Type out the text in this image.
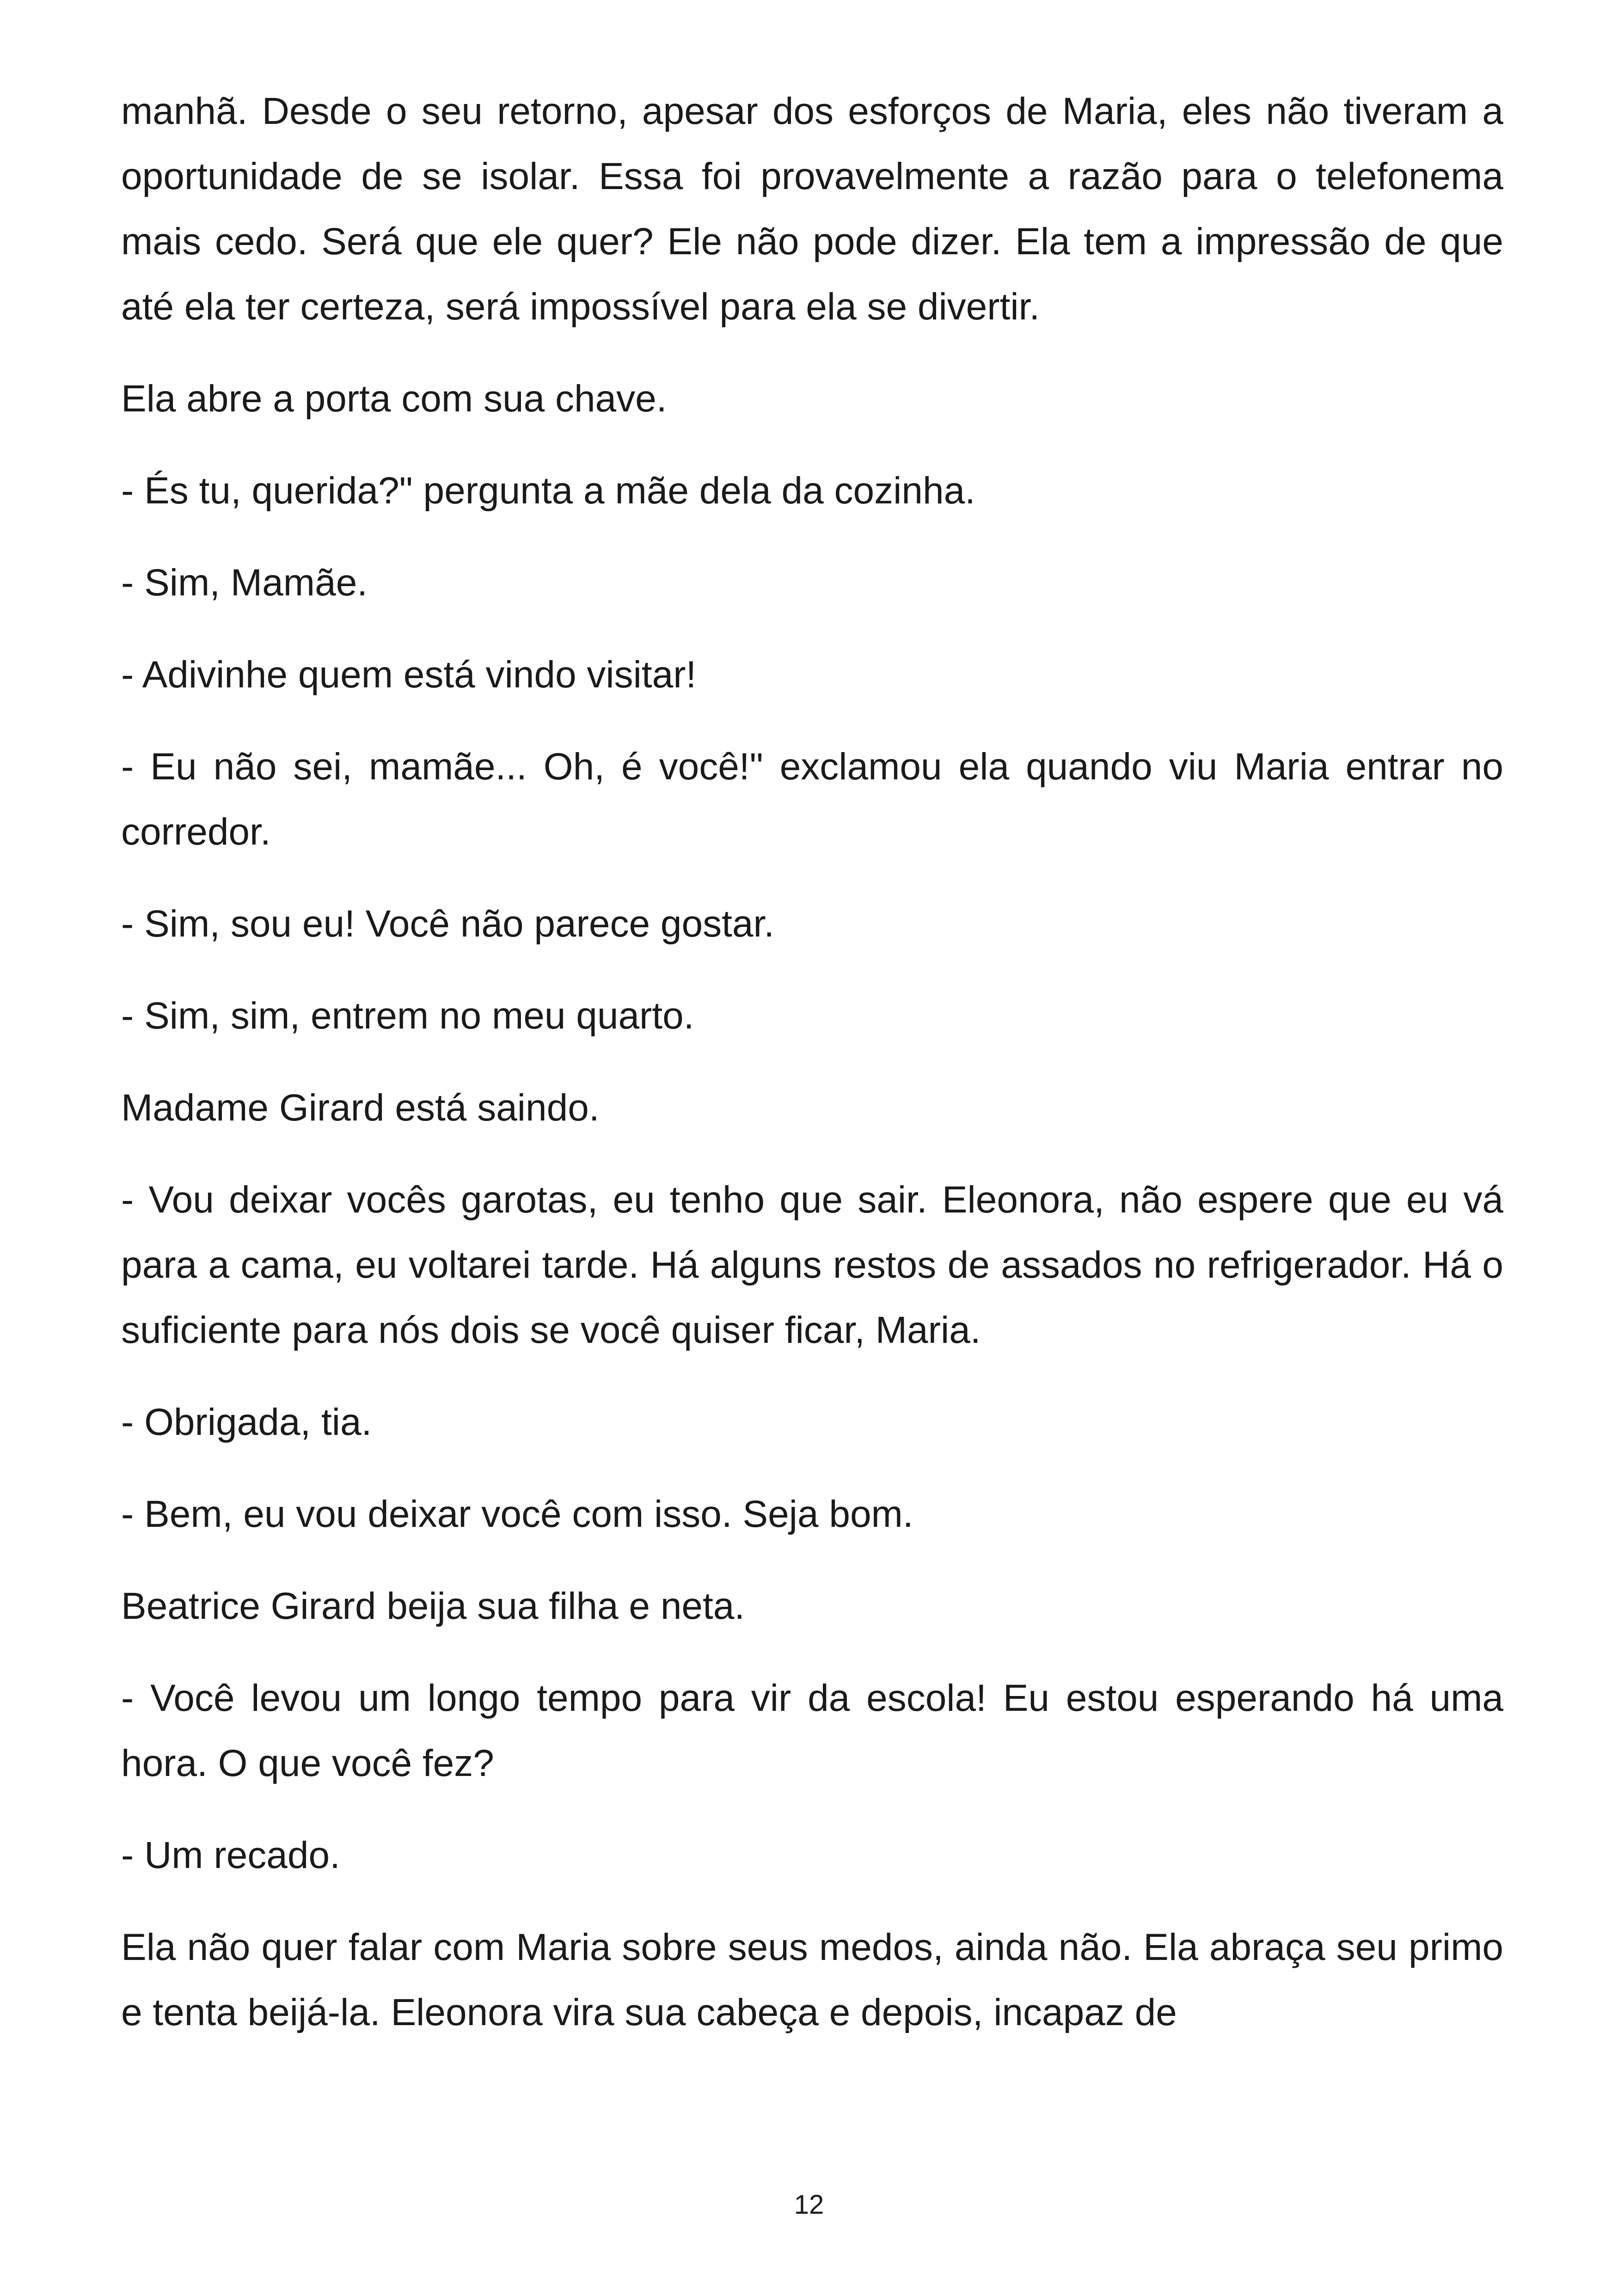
manhã. Desde o seu retorno, apesar dos esforços de Maria, eles não tiveram a oportunidade de se isolar. Essa foi provavelmente a razão para o telefonema mais cedo. Será que ele quer? Ele não pode dizer. Ela tem a impressão de que até ela ter certeza, será impossível para ela se divertir.

Ela abre a porta com sua chave.

- És tu, querida?" pergunta a mãe dela da cozinha.

- Sim, Mamãe.

- Adivinhe quem está vindo visitar!

- Eu não sei, mamãe... Oh, é você!" exclamou ela quando viu Maria entrar no corredor.

- Sim, sou eu! Você não parece gostar.

- Sim, sim, entrem no meu quarto.

Madame Girard está saindo.

- Vou deixar vocês garotas, eu tenho que sair. Eleonora, não espere que eu vá para a cama, eu voltarei tarde. Há alguns restos de assados no refrigerador. Há o suficiente para nós dois se você quiser ficar, Maria.

- Obrigada, tia.

- Bem, eu vou deixar você com isso. Seja bom.

Beatrice Girard beija sua filha e neta.

- Você levou um longo tempo para vir da escola! Eu estou esperando há uma hora. O que você fez?

- Um recado.

Ela não quer falar com Maria sobre seus medos, ainda não. Ela abraça seu primo e tenta beijá-la. Eleonora vira sua cabeça e depois, incapaz de

12
